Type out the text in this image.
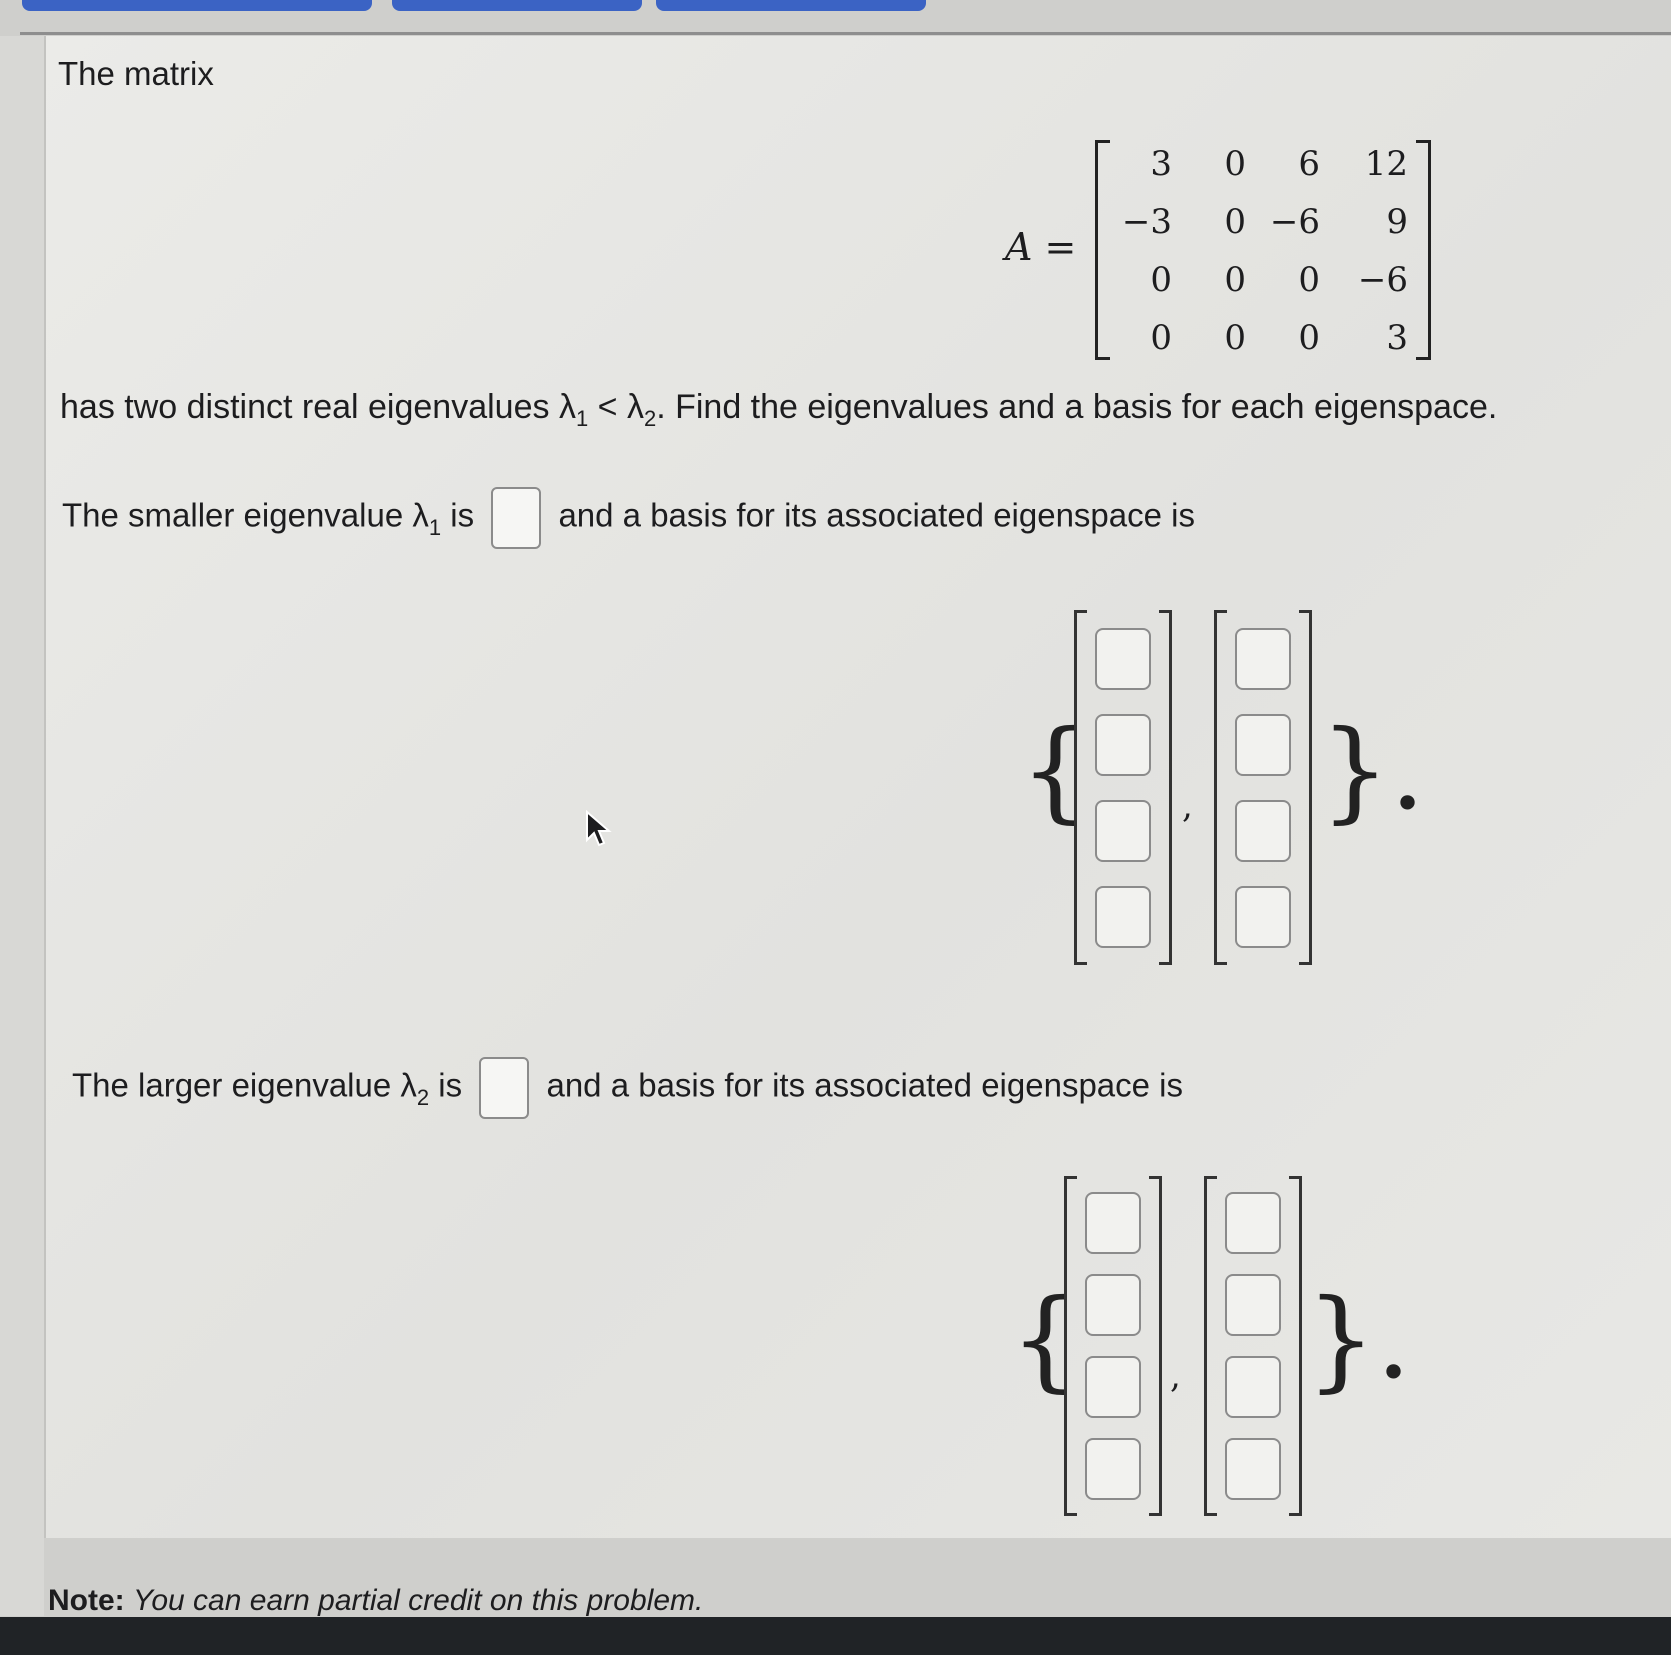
The matrix
A =
3	0	6	12
−3	0 −6	9
0	0	0	−6
0	0	0	3
has two distinct real eigenvalues $\lambda_1 < \lambda_2$. Find the eigenvalues and a basis for each eigenspace.
The smaller eigenvalue $\lambda_1$ is	and a basis for its associated eigenspace is
{	, }.
The larger eigenvalue $\lambda_2$ is	and a basis for its associated eigenspace is
{	, }.
Note: You can earn partial credit on this problem.
